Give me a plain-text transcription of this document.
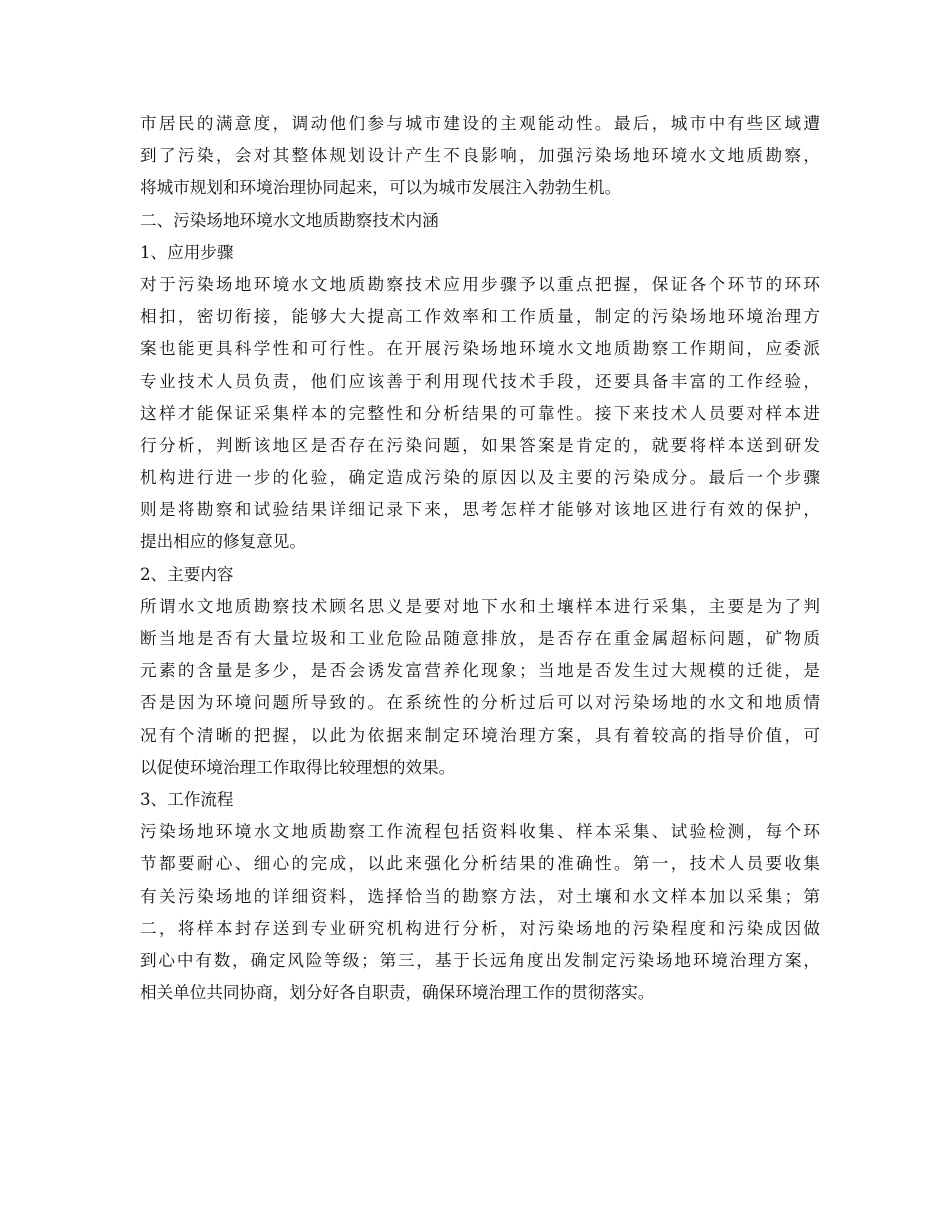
市居民的满意度，调动他们参与城市建设的主观能动性。最后，城市中有些区域遭
到了污染，会对其整体规划设计产生不良影响，加强污染场地环境水文地质勘察，
将城市规划和环境治理协同起来，可以为城市发展注入勃勃生机。
二、污染场地环境水文地质勘察技术内涵
1、应用步骤
对于污染场地环境水文地质勘察技术应用步骤予以重点把握，保证各个环节的环环
相扣，密切衔接，能够大大提高工作效率和工作质量，制定的污染场地环境治理方
案也能更具科学性和可行性。在开展污染场地环境水文地质勘察工作期间，应委派
专业技术人员负责，他们应该善于利用现代技术手段，还要具备丰富的工作经验，
这样才能保证采集样本的完整性和分析结果的可靠性。接下来技术人员要对样本进
行分析，判断该地区是否存在污染问题，如果答案是肯定的，就要将样本送到研发
机构进行进一步的化验，确定造成污染的原因以及主要的污染成分。最后一个步骤
则是将勘察和试验结果详细记录下来，思考怎样才能够对该地区进行有效的保护，
提出相应的修复意见。
2、主要内容
所谓水文地质勘察技术顾名思义是要对地下水和土壤样本进行采集，主要是为了判
断当地是否有大量垃圾和工业危险品随意排放，是否存在重金属超标问题，矿物质
元素的含量是多少，是否会诱发富营养化现象；当地是否发生过大规模的迁徙，是
否是因为环境问题所导致的。在系统性的分析过后可以对污染场地的水文和地质情
况有个清晰的把握，以此为依据来制定环境治理方案，具有着较高的指导价值，可
以促使环境治理工作取得比较理想的效果。
3、工作流程
污染场地环境水文地质勘察工作流程包括资料收集、样本采集、试验检测，每个环
节都要耐心、细心的完成，以此来强化分析结果的准确性。第一，技术人员要收集
有关污染场地的详细资料，选择恰当的勘察方法，对土壤和水文样本加以采集；第
二，将样本封存送到专业研究机构进行分析，对污染场地的污染程度和污染成因做
到心中有数，确定风险等级；第三，基于长远角度出发制定污染场地环境治理方案，
相关单位共同协商，划分好各自职责，确保环境治理工作的贯彻落实。
